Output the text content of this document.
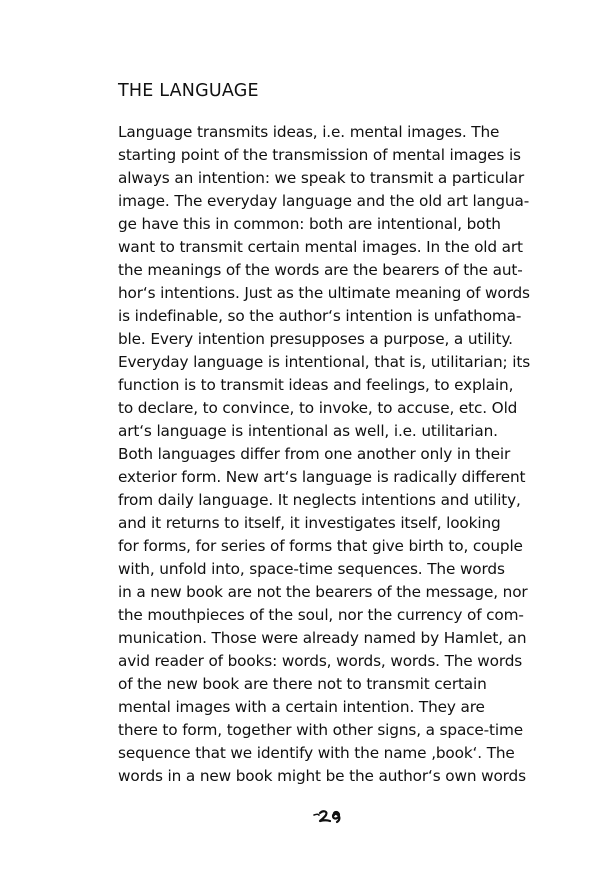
THE LANGUAGE
Language transmits ideas, i.e. mental images. The
starting point of the transmission of mental images is
always an intention: we speak to transmit a particular
image. The everyday language and the old art langua-
ge have this in common: both are intentional, both
want to transmit certain mental images. In the old art
the meanings of the words are the bearers of the aut-
hor‘s intentions. Just as the ultimate meaning of words
is indefinable, so the author‘s intention is unfathoma-
ble. Every intention presupposes a purpose, a utility.
Everyday language is intentional, that is, utilitarian; its
function is to transmit ideas and feelings, to explain,
to declare, to convince, to invoke, to accuse, etc. Old
art‘s language is intentional as well, i.e. utilitarian.
Both languages differ from one another only in their
exterior form. New art‘s language is radically different
from daily language. It neglects intentions and utility,
and it returns to itself, it investigates itself, looking
for forms, for series of forms that give birth to, couple
with, unfold into, space-time sequences. The words
in a new book are not the bearers of the message, nor
the mouthpieces of the soul, nor the currency of com-
munication. Those were already named by Hamlet, an
avid reader of books: words, words, words. The words
of the new book are there not to transmit certain
mental images with a certain intention. They are
there to form, together with other signs, a space-time
sequence that we identify with the name ‚book‘. The
words in a new book might be the author‘s own words
